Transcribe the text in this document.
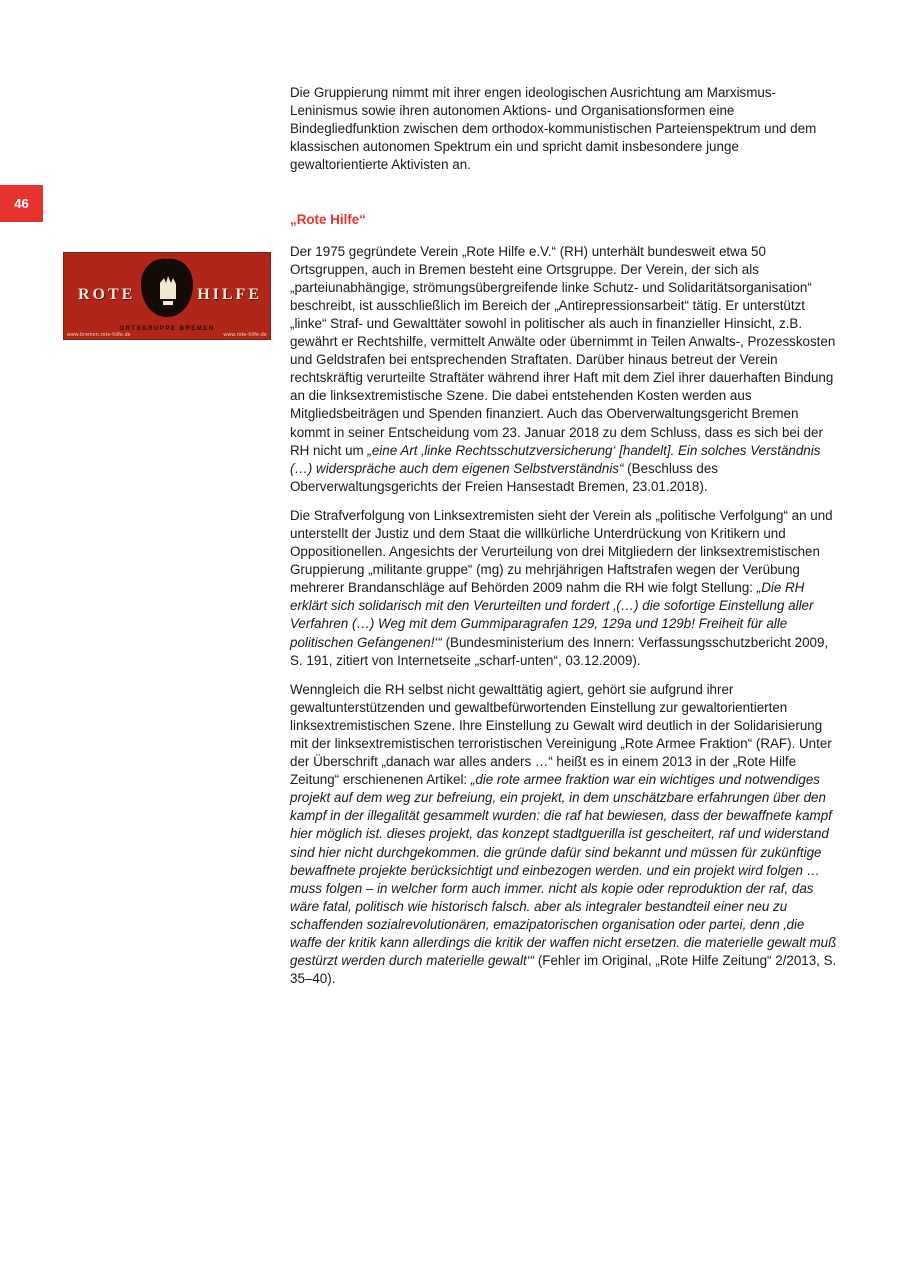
46
ROTE	HILFE
ORTSGRUPPE BREMEN
www.bremen.rote-hilfe.de	www.rote-hilfe.de

Die Gruppierung nimmt mit ihrer engen ideologischen Ausrichtung am Marxismus-Leninismus sowie ihren autonomen Aktions- und Organisationsformen eine Bindegliedfunktion zwischen dem orthodox-kommunistischen Parteienspektrum und dem klassischen autonomen Spektrum ein und spricht damit insbesondere junge gewaltorientierte Aktivisten an.

„Rote Hilfe“

Der 1975 gegründete Verein „Rote Hilfe e.V.“ (RH) unterhält bundesweit etwa 50 Ortsgruppen, auch in Bremen besteht eine Ortsgruppe. Der Verein, der sich als „parteiunabhängige, strömungsübergreifende linke Schutz- und Solidaritätsorganisation“ beschreibt, ist ausschließlich im Bereich der „Antirepressionsarbeit“ tätig. Er unterstützt „linke“ Straf- und Gewalttäter sowohl in politischer als auch in finanzieller Hinsicht, z.B. gewährt er Rechtshilfe, vermittelt Anwälte oder übernimmt in Teilen Anwalts-, Prozesskosten und Geldstrafen bei entsprechenden Straftaten. Darüber hinaus betreut der Verein rechtskräftig verurteilte Straftäter während ihrer Haft mit dem Ziel ihrer dauerhaften Bindung an die linksextremistische Szene. Die dabei entstehenden Kosten werden aus Mitgliedsbeiträgen und Spenden finanziert. Auch das Oberverwaltungsgericht Bremen kommt in seiner Entscheidung vom 23. Januar 2018 zu dem Schluss, dass es sich bei der RH nicht um „eine Art ‚linke Rechtsschutzversicherung‘ [handelt]. Ein solches Verständnis (…) widerspräche auch dem eigenen Selbstverständnis“ (Beschluss des Oberverwaltungsgerichts der Freien Hansestadt Bremen, 23.01.2018).

Die Strafverfolgung von Linksextremisten sieht der Verein als „politische Verfolgung“ an und unterstellt der Justiz und dem Staat die willkürliche Unterdrückung von Kritikern und Oppositionellen. Angesichts der Verurteilung von drei Mitgliedern der linksextremistischen Gruppierung „militante gruppe“ (mg) zu mehrjährigen Haftstrafen wegen der Verübung mehrerer Brandanschläge auf Behörden 2009 nahm die RH wie folgt Stellung: „Die RH erklärt sich solidarisch mit den Verurteilten und fordert ‚(…) die sofortige Einstellung aller Verfahren (…) Weg mit dem Gummiparagrafen 129, 129a und 129b! Freiheit für alle politischen Gefangenen!‘“ (Bundesministerium des Innern: Verfassungsschutzbericht 2009, S. 191, zitiert von Internetseite „scharf-unten“, 03.12.2009).

Wenngleich die RH selbst nicht gewalttätig agiert, gehört sie aufgrund ihrer gewaltunterstützenden und gewaltbefürwortenden Einstellung zur gewaltorientierten linksextremistischen Szene. Ihre Einstellung zu Gewalt wird deutlich in der Solidarisierung mit der linksextremistischen terroristischen Vereinigung „Rote Armee Fraktion“ (RAF). Unter der Überschrift „danach war alles anders …“ heißt es in einem 2013 in der „Rote Hilfe Zeitung“ erschienenen Artikel: „die rote armee fraktion war ein wichtiges und notwendiges projekt auf dem weg zur befreiung, ein projekt, in dem unschätzbare erfahrungen über den kampf in der illegalität gesammelt wurden: die raf hat bewiesen, dass der bewaffnete kampf hier möglich ist. dieses projekt, das konzept stadtguerilla ist gescheitert, raf und widerstand sind hier nicht durchgekommen. die gründe dafür sind bekannt und müssen für zukünftige bewaffnete projekte berücksichtigt und einbezogen werden. und ein projekt wird folgen … muss folgen – in welcher form auch immer. nicht als kopie oder reproduktion der raf, das wäre fatal, politisch wie historisch falsch. aber als integraler bestandteil einer neu zu schaffenden sozialrevolutionären, emazipatorischen organisation oder partei, denn ‚die waffe der kritik kann allerdings die kritik der waffen nicht ersetzen. die materielle gewalt muß gestürzt werden durch materielle gewalt‘“ (Fehler im Original, „Rote Hilfe Zeitung“ 2/2013, S. 35–40).
